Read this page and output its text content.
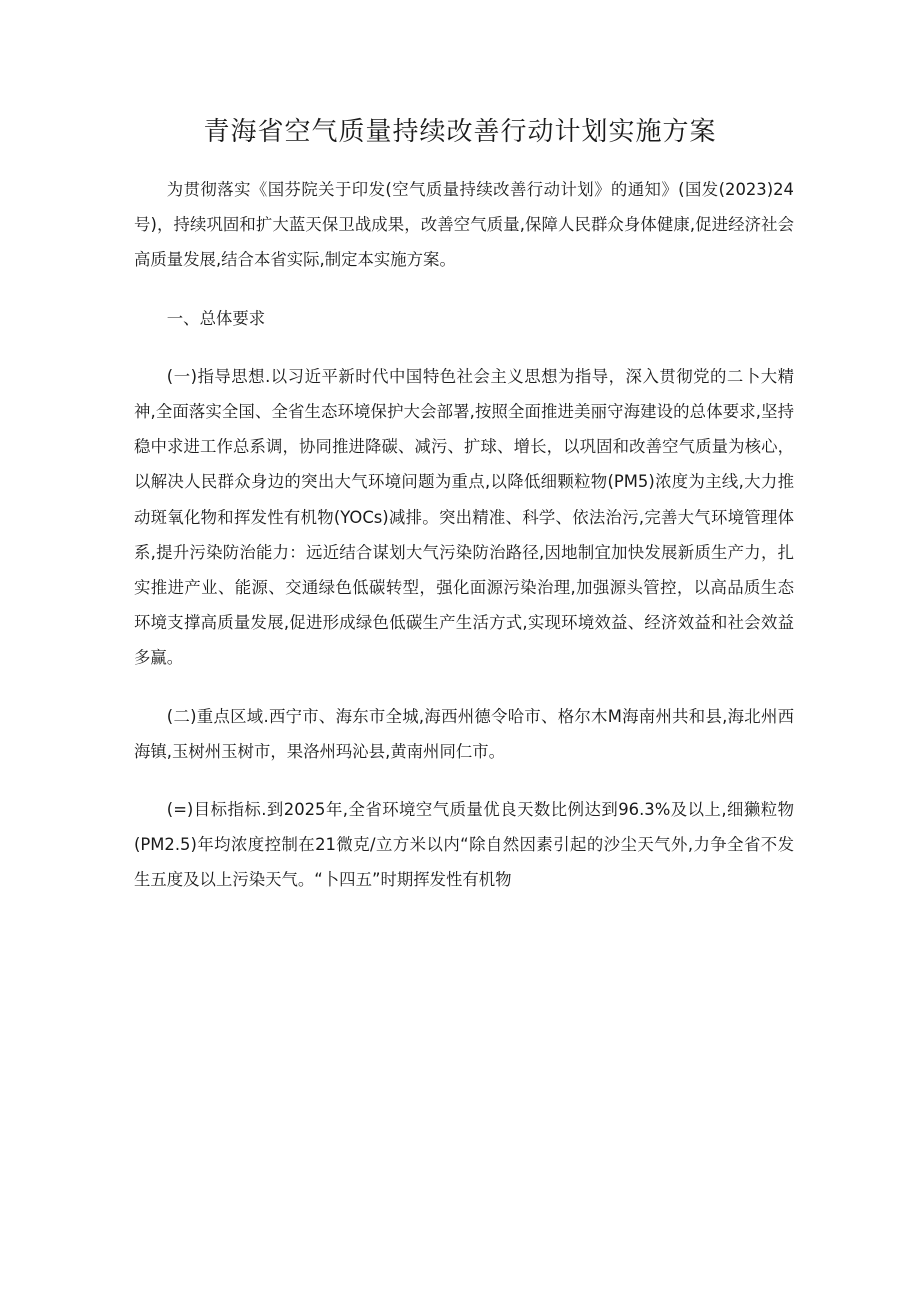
青海省空气质量持续改善行动计划实施方案

为贯彻落实《国芬院关于印发(空气质量持续改善行动计划》的通知》(国发(2023)24号)，持续巩固和扩大蓝天保卫战成果，改善空气质量,保障人民群众身体健康,促进经济社会高质量发展,结合本省实际,制定本实施方案。

一、总体要求

(一)指导思想.以习近平新时代中国特色社会主义思想为指导，深入贯彻党的二卜大精神,全面落实全国、全省生态环境保护大会部署,按照全面推进美丽守海建设的总体要求,坚持稳中求进工作总系调，协同推进降碳、减污、扩球、增长，以巩固和改善空气质量为核心，以解决人民群众身边的突出大气环境问题为重点,以降低细颗粒物(PM5)浓度为主线,大力推动斑氧化物和挥发性有机物(YOCs)减排。突出精准、科学、依法治污,完善大气环境管理体系,提升污染防治能力：远近结合谋划大气污染防治路径,因地制宜加快发展新质生产力，扎实推进产业、能源、交通绿色低碳转型，强化面源污染治理,加强源头管控，以高品质生态环境支撑高质量发展,促进形成绿色低碳生产生活方式,实现环境效益、经济效益和社会效益多赢。

(二)重点区域.西宁市、海东市全城,海西州德令哈市、格尔木M海南州共和县,海北州西海镇,玉树州玉树市，果洛州玛沁县,黄南州同仁市。

(=)目标指标.到2025年,全省环境空气质量优良天数比例达到96.3%及以上,细獭粒物(PM2.5)年均浓度控制在21微克/立方米以内“除自然因素引起的沙尘天气外,力争全省不发生五度及以上污染天气。“卜四五”时期挥发性有机物
